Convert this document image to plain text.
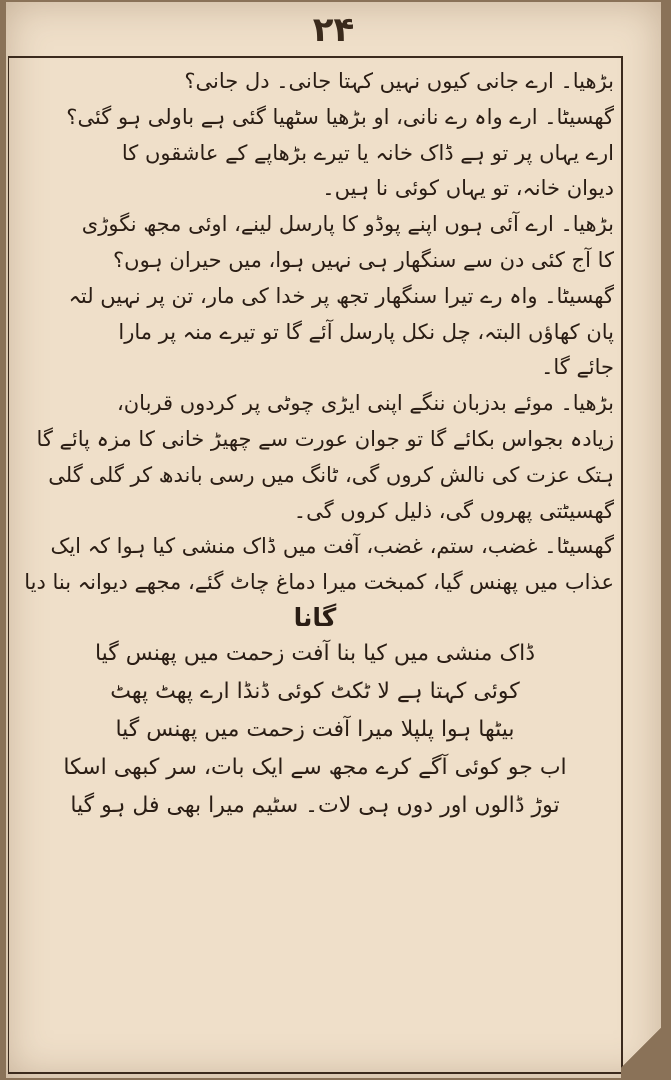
۲۴
بڑھیا۔ ارے جانی کیوں نہیں کہتا جانی۔ دل جانی؟
گھسیٹا۔ ارے واہ رے نانی، او بڑھیا سٹھیا گئی ہے باولی ہو گئی؟
ارے یہاں پر تو ہے ڈاک خانہ یا تیرے بڑھاپے کے عاشقوں کا
دیوان خانہ، تو یہاں کوئی نا ہیں۔
بڑھیا۔ ارے آئی ہوں اپنے پوڈو کا پارسل لینے، اوئی مجھ نگوڑی
کا آج کئی دن سے سنگھار ہی نہیں ہوا، میں حیران ہوں؟
گھسیٹا۔ واہ رے تیرا سنگھار تجھ پر خدا کی مار، تن پر نہیں لتہ
پان کھاؤں البتہ، چل نکل پارسل آئے گا تو تیرے منہ پر مارا
جائے گا۔
بڑھیا۔ موئے بدزبان ننگے اپنی ایڑی چوٹی پر کردوں قربان،
زیادہ بجواس بکائے گا تو جوان عورت سے چھیڑ خانی کا مزہ پائے گا
ہتک عزت کی نالش کروں گی، ٹانگ میں رسی باندھ کر گلی گلی
گھسیٹتی پھروں گی، ذلیل کروں گی۔
گھسیٹا۔ غضب، ستم، غضب، آفت میں ڈاک منشی کیا ہوا کہ ایک
عذاب میں پھنس گیا، کمبخت میرا دماغ چاٹ گئے، مجھے دیوانہ بنا دیا
گانا
ڈاک منشی میں کیا بنا آفت زحمت میں پھنس گیا
کوئی کہتا ہے لا ٹکٹ کوئی ڈنڈا ارے پھٹ پھٹ
بیٹھا ہوا پلپلا میرا آفت زحمت میں پھنس گیا
اب جو کوئی آگے کرے مجھ سے ایک بات، سر کبھی اسکا
توڑ ڈالوں اور دوں ہی لات۔ سٹیم میرا بھی فل ہو گیا
